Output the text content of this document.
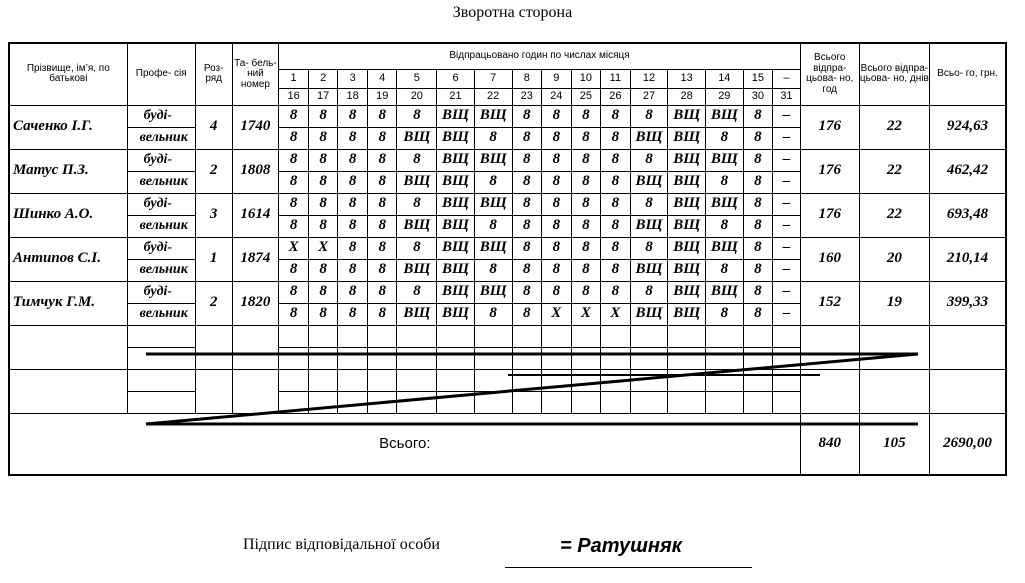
Зворотна сторона
Прізвище, ім’я, по батькові	Профе- сія	Роз- ряд	Та- бель- ний номер	Відпрацьовано годин по числах місяця																Всього відпра- цьова- но, год	Всього відпра- цьова- но, днів	Всьо- го, грн.
				1	2	3	4	5	6	7	8	9	10	11	12	13	14	15	–			
				16	17	18	19	20	21	22	23	24	25	26	27	28	29	30	31			
Саченко І.Г.	буді-	4	1740	8	8	8	8	8	ВЩ	ВЩ	8	8	8	8	8	ВЩ	ВЩ	8	–	176	22	924,63
	вельник			8	8	8	8	ВЩ	ВЩ	8	8	8	8	8	ВЩ	ВЩ	8	8	–			
Матус П.З.	буді-	2	1808	8	8	8	8	8	ВЩ	ВЩ	8	8	8	8	8	ВЩ	ВЩ	8	–	176	22	462,42
	вельник			8	8	8	8	ВЩ	ВЩ	8	8	8	8	8	ВЩ	ВЩ	8	8	–			
Шинко А.О.	буді-	3	1614	8	8	8	8	8	ВЩ	ВЩ	8	8	8	8	8	ВЩ	ВЩ	8	–	176	22	693,48
	вельник			8	8	8	8	ВЩ	ВЩ	8	8	8	8	8	ВЩ	ВЩ	8	8	–			
Антипов С.І.	буді-	1	1874	Х	Х	8	8	8	ВЩ	ВЩ	8	8	8	8	8	ВЩ	ВЩ	8	–	160	20	210,14
	вельник			8	8	8	8	ВЩ	ВЩ	8	8	8	8	8	ВЩ	ВЩ	8	8	–			
Тимчук Г.М.	буді-	2	1820	8	8	8	8	8	ВЩ	ВЩ	8	8	8	8	8	ВЩ	ВЩ	8	–	152	19	399,33
	вельник			8	8	8	8	ВЩ	ВЩ	8	8	Х	Х	Х	ВЩ	ВЩ	8	8	–			

Всього:																				840	105	2690,00
Підпис відповідальної особи	= Ратушняк
